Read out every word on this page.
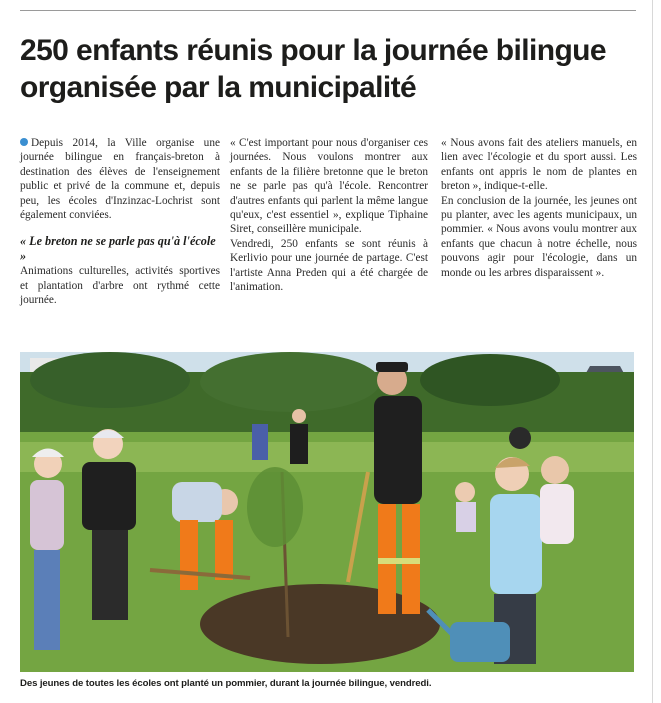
250 enfants réunis pour la journée bilingue organisée par la municipalité

Depuis 2014, la Ville organise une journée bilingue en français-breton à destination des élèves de l'enseignement public et privé de la commune et, depuis peu, les écoles d'Inzinzac-Lochrist sont également conviées.

« Le breton ne se parle pas qu'à l'école »

Animations culturelles, activités sportives et plantation d'arbre ont rythmé cette journée.

« C'est important pour nous d'organiser ces journées. Nous voulons montrer aux enfants de la filière bretonne que le breton ne se parle pas qu'à l'école. Rencontrer d'autres enfants qui parlent la même langue qu'eux, c'est essentiel », explique Tiphaine Siret, conseillère municipale.

Vendredi, 250 enfants se sont réunis à Kerlivio pour une journée de partage. C'est l'artiste Anna Preden qui a été chargée de l'animation.

« Nous avons fait des ateliers manuels, en lien avec l'écologie et du sport aussi. Les enfants ont appris le nom de plantes en breton », indique-t-elle.

En conclusion de la journée, les jeunes ont pu planter, avec les agents municipaux, un pommier. « Nous avons voulu montrer aux enfants que chacun à notre échelle, nous pouvons agir pour l'écologie, dans un monde ou les arbres disparaissent ».

Des jeunes de toutes les écoles ont planté un pommier, durant la journée bilingue, vendredi.
